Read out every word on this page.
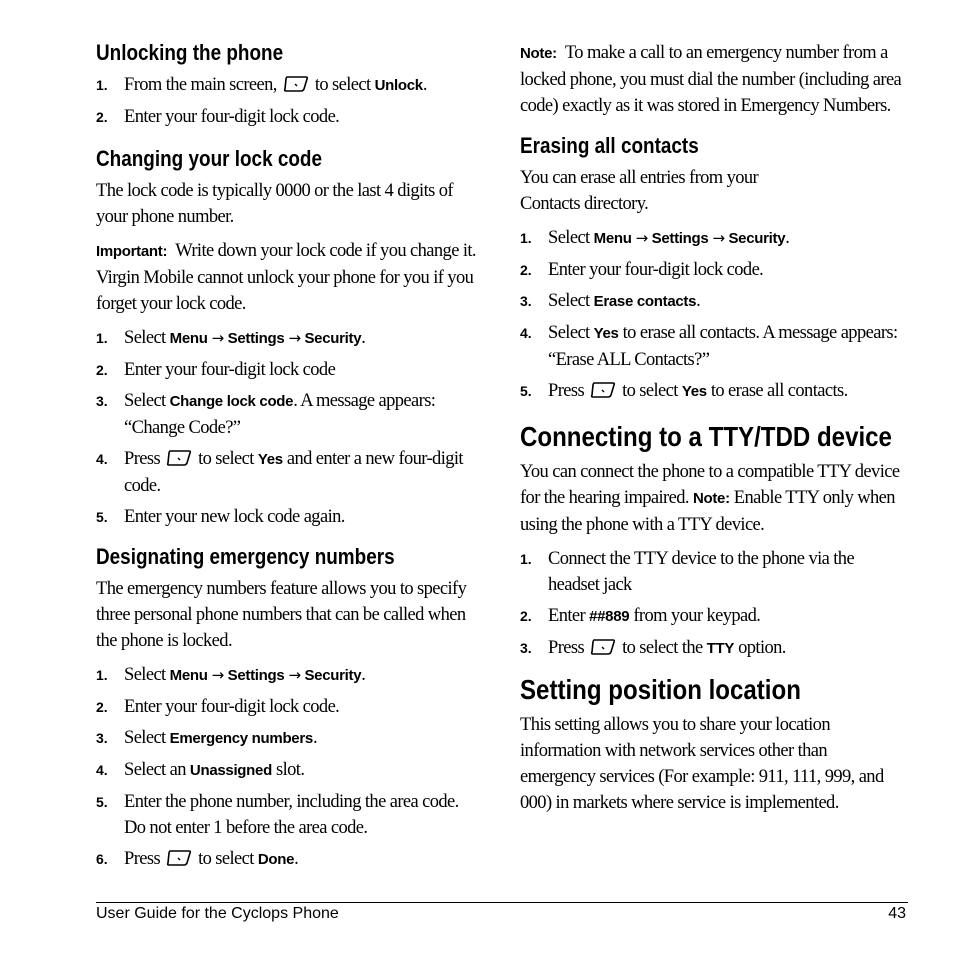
Unlocking the phone
1. From the main screen, to select Unlock.
2. Enter your four-digit lock code.
Changing your lock code

The lock code is typically 0000 or the last 4 digits of your phone number.

Important: Write down your lock code if you change it. Virgin Mobile cannot unlock your phone for you if you forget your lock code.

1. Select Menu → Settings → Security.
2. Enter your four-digit lock code
3. Select Change lock code. A message appears: “Change Code?”
4. Press to select Yes and enter a new four-digit code.
5. Enter your new lock code again.
Designating emergency numbers

The emergency numbers feature allows you to specify three personal phone numbers that can be called when the phone is locked.

1. Select Menu → Settings → Security.
2. Enter your four-digit lock code.
3. Select Emergency numbers.
4. Select an Unassigned slot.
5. Enter the phone number, including the area code. Do not enter 1 before the area code.
6. Press to select Done.

Note: To make a call to an emergency number from a locked phone, you must dial the number (including area code) exactly as it was stored in Emergency Numbers.

Erasing all contacts

You can erase all entries from your Contacts directory.

1. Select Menu → Settings → Security.
2. Enter your four-digit lock code.
3. Select Erase contacts.
4. Select Yes to erase all contacts. A message appears: “Erase ALL Contacts?”
5. Press to select Yes to erase all contacts.
Connecting to a TTY/TDD device

You can connect the phone to a compatible TTY device for the hearing impaired. Note: Enable TTY only when using the phone with a TTY device.

1. Connect the TTY device to the phone via the headset jack
2. Enter ##889 from your keypad.
3. Press to select the TTY option.
Setting position location

This setting allows you to share your location information with network services other than emergency services (For example: 911, 111, 999, and 000) in markets where service is implemented.

User Guide for the Cyclops Phone	43
